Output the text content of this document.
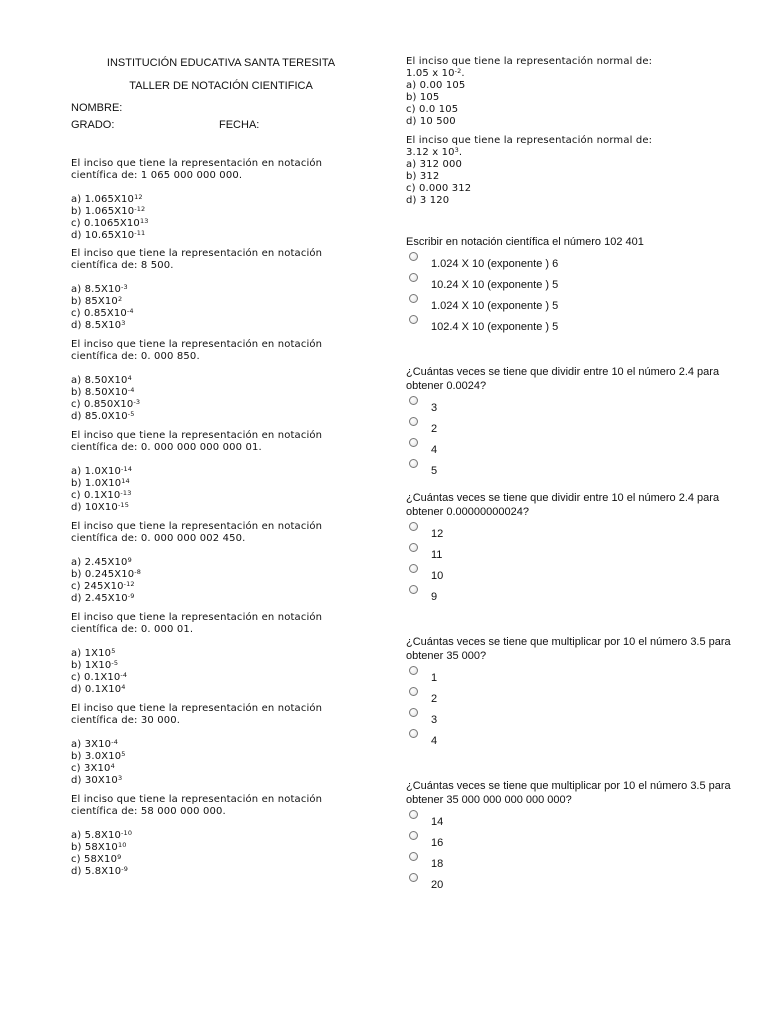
INSTITUCIÓN EDUCATIVA SANTA TERESITA

TALLER DE NOTACIÓN CIENTIFICA

NOMBRE:

GRADO:	FECHA:

El inciso que tiene la representación en notación científica de: 1 065 000 000 000.

a) $1.065X10^{12}$
b) $1.065X10^{-12}$
c) $0.1065X10^{13}$
d) $10.65X10^{-11}$

El inciso que tiene la representación en notación científica de: 8 500.

a) $8.5X10^{-3}$
b) $85X10^2$
c) $0.85X10^{-4}$
d) $8.5X10^3$

El inciso que tiene la representación en notación científica de: 0. 000 850.

a) $8.50X10^4$
b) $8.50X10^{-4}$
c) $0.850X10^{-3}$
d) $85.0X10^{-5}$

El inciso que tiene la representación en notación científica de: 0. 000 000 000 000 01.

a) $1.0X10^{-14}$
b) $1.0X10^{14}$
c) $0.1X10^{-13}$
d) $10X10^{-15}$

El inciso que tiene la representación en notación científica de: 0. 000 000 002 450.

a) $2.45X10^9$
b) $0.245X10^{-8}$
c) $245X10^{-12}$
d) $2.45X10^{-9}$

El inciso que tiene la representación en notación científica de: 0. 000 01.

a) $1X10^5$
b) $1X10^{-5}$
c) $0.1X10^{-4}$
d) $0.1X10^4$

El inciso que tiene la representación en notación científica de: 30 000.

a) $3X10^{-4}$
b) $3.0X10^5$
c) $3X10^4$
d) $30X10^3$

El inciso que tiene la representación en notación científica de: 58 000 000 000.

a) $5.8X10^{-10}$
b) $58X10^{10}$
c) $58X10^9$
d) $5.8X10^{-9}$

El inciso que tiene la representación normal de:

1.05 x $10^{-2}$.

a) 0.00 105
b) 105
c) 0.0 105
d) 10 500

El inciso que tiene la representación normal de:

3.12 x $10^3$.

a) 312 000
b) 312
c) 0.000 312
d) 3 120

Escribir en notación científica el número 102 401

1.024 X 10 (exponente ) 6
10.24 X 10 (exponente ) 5
1.024 X 10 (exponente ) 5
102.4 X 10 (exponente ) 5

¿Cuántas veces se tiene que dividir entre 10 el número 2.4 para obtener 0.0024?

3
2
4
5

¿Cuántas veces se tiene que dividir entre 10 el número 2.4 para obtener 0.00000000024?

12
11
10
9

¿Cuántas veces se tiene que multiplicar por 10 el número 3.5 para obtener 35 000?

1
2
3
4

¿Cuántas veces se tiene que multiplicar por 10 el número 3.5 para obtener 35 000 000 000 000 000?

14
16
18
20
